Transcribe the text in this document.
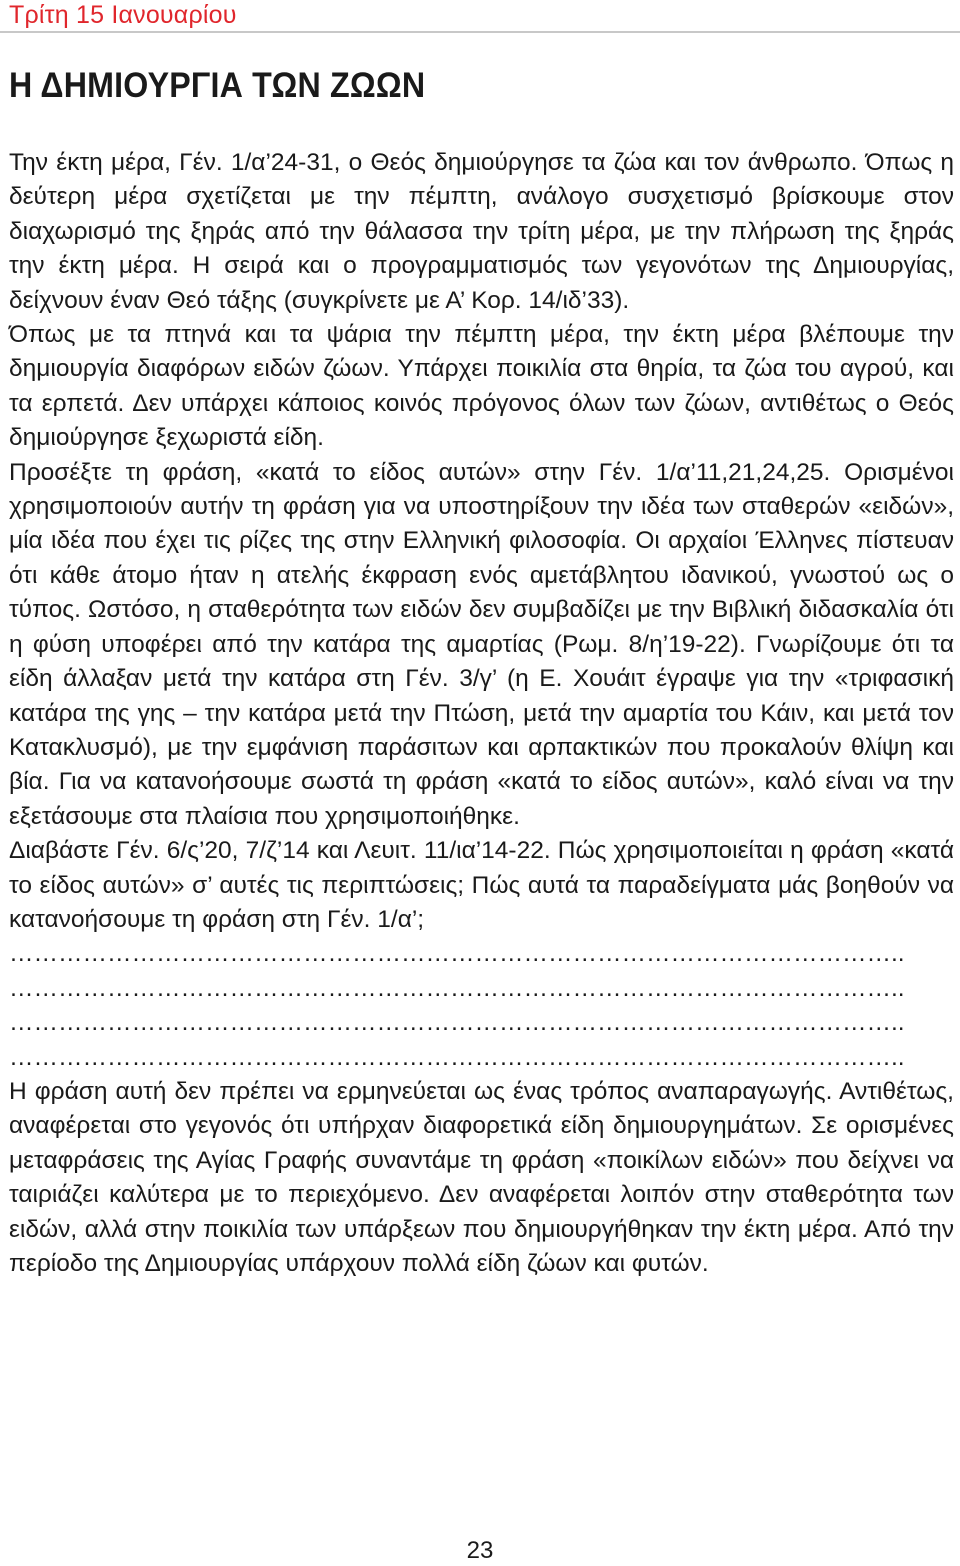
Τρίτη 15 Ιανουαρίου
Η ΔΗΜΙΟΥΡΓΙΑ ΤΩΝ ΖΩΩΝ

Την έκτη μέρα, Γέν. 1/α’24-31, ο Θεός δημιούργησε τα ζώα και τον άνθρωπο. Όπως η δεύτερη μέρα σχετίζεται με την πέμπτη, ανάλογο συσχετισμό βρίσκουμε στον διαχωρισμό της ξηράς από την θάλασσα την τρίτη μέρα, με την πλήρωση της ξηράς την έκτη μέρα. Η σειρά και ο προγραμματισμός των γεγονότων της Δημιουργίας, δείχνουν έναν Θεό τάξης (συγκρίνετε με Α’ Κορ. 14/ιδ’33).

Όπως με τα πτηνά και τα ψάρια την πέμπτη μέρα, την έκτη μέρα βλέπουμε την δημιουργία διαφόρων ειδών ζώων. Υπάρχει ποικιλία στα θηρία, τα ζώα του αγρού, και τα ερπετά. Δεν υπάρχει κάποιος κοινός πρόγονος όλων των ζώων, αντιθέτως ο Θεός δημιούργησε ξεχωριστά είδη.

Προσέξτε τη φράση, «κατά το είδος αυτών» στην Γέν. 1/α’11,21,24,25. Ορισμένοι χρησιμοποιούν αυτήν τη φράση για να υποστηρίξουν την ιδέα των σταθερών «ειδών», μία ιδέα που έχει τις ρίζες της στην Ελληνική φιλοσοφία. Οι αρχαίοι Έλληνες πίστευαν ότι κάθε άτομο ήταν η ατελής έκφραση ενός αμετάβλητου ιδανικού, γνωστού ως ο τύπος. Ωστόσο, η σταθερότητα των ειδών δεν συμβαδίζει με την Βιβλική διδασκαλία ότι η φύση υποφέρει από την κατάρα της αμαρτίας (Ρωμ. 8/η’19-22). Γνωρίζουμε ότι τα είδη άλλαξαν μετά την κατάρα στη Γέν. 3/γ’ (η Ε. Χουάιτ έγραψε για την «τριφασική κατάρα της γης – την κατάρα μετά την Πτώση, μετά την αμαρτία του Κάιν, και μετά τον Κατακλυσμό), με την εμφάνιση παράσιτων και αρπακτικών που προκαλούν θλίψη και βία. Για να κατανοήσουμε σωστά τη φράση «κατά το είδος αυτών», καλό είναι να την εξετάσουμε στα πλαίσια που χρησιμοποιήθηκε.

Διαβάστε Γέν. 6/ς’20, 7/ζ’14 και Λευιτ. 11/ια’14-22. Πώς χρησιμοποιείται η φράση «κατά το είδος αυτών» σ’ αυτές τις περιπτώσεις; Πώς αυτά τα παραδείγματα μάς βοηθούν να κατανοήσουμε τη φράση στη Γέν. 1/α’;

………………………………………………………………………………………………..
………………………………………………………………………………………………..
………………………………………………………………………………………………..
………………………………………………………………………………………………..

Η φράση αυτή δεν πρέπει να ερμηνεύεται ως ένας τρόπος αναπαραγωγής. Αντιθέτως, αναφέρεται στο γεγονός ότι υπήρχαν διαφορετικά είδη δημιουργημάτων. Σε ορισμένες μεταφράσεις της Αγίας Γραφής συναντάμε τη φράση «ποικίλων ειδών» που δείχνει να ταιριάζει καλύτερα με το περιεχόμενο. Δεν αναφέρεται λοιπόν στην σταθερότητα των ειδών, αλλά στην ποικιλία των υπάρξεων που δημιουργήθηκαν την έκτη μέρα. Από την περίοδο της Δημιουργίας υπάρχουν πολλά είδη ζώων και φυτών.

23
